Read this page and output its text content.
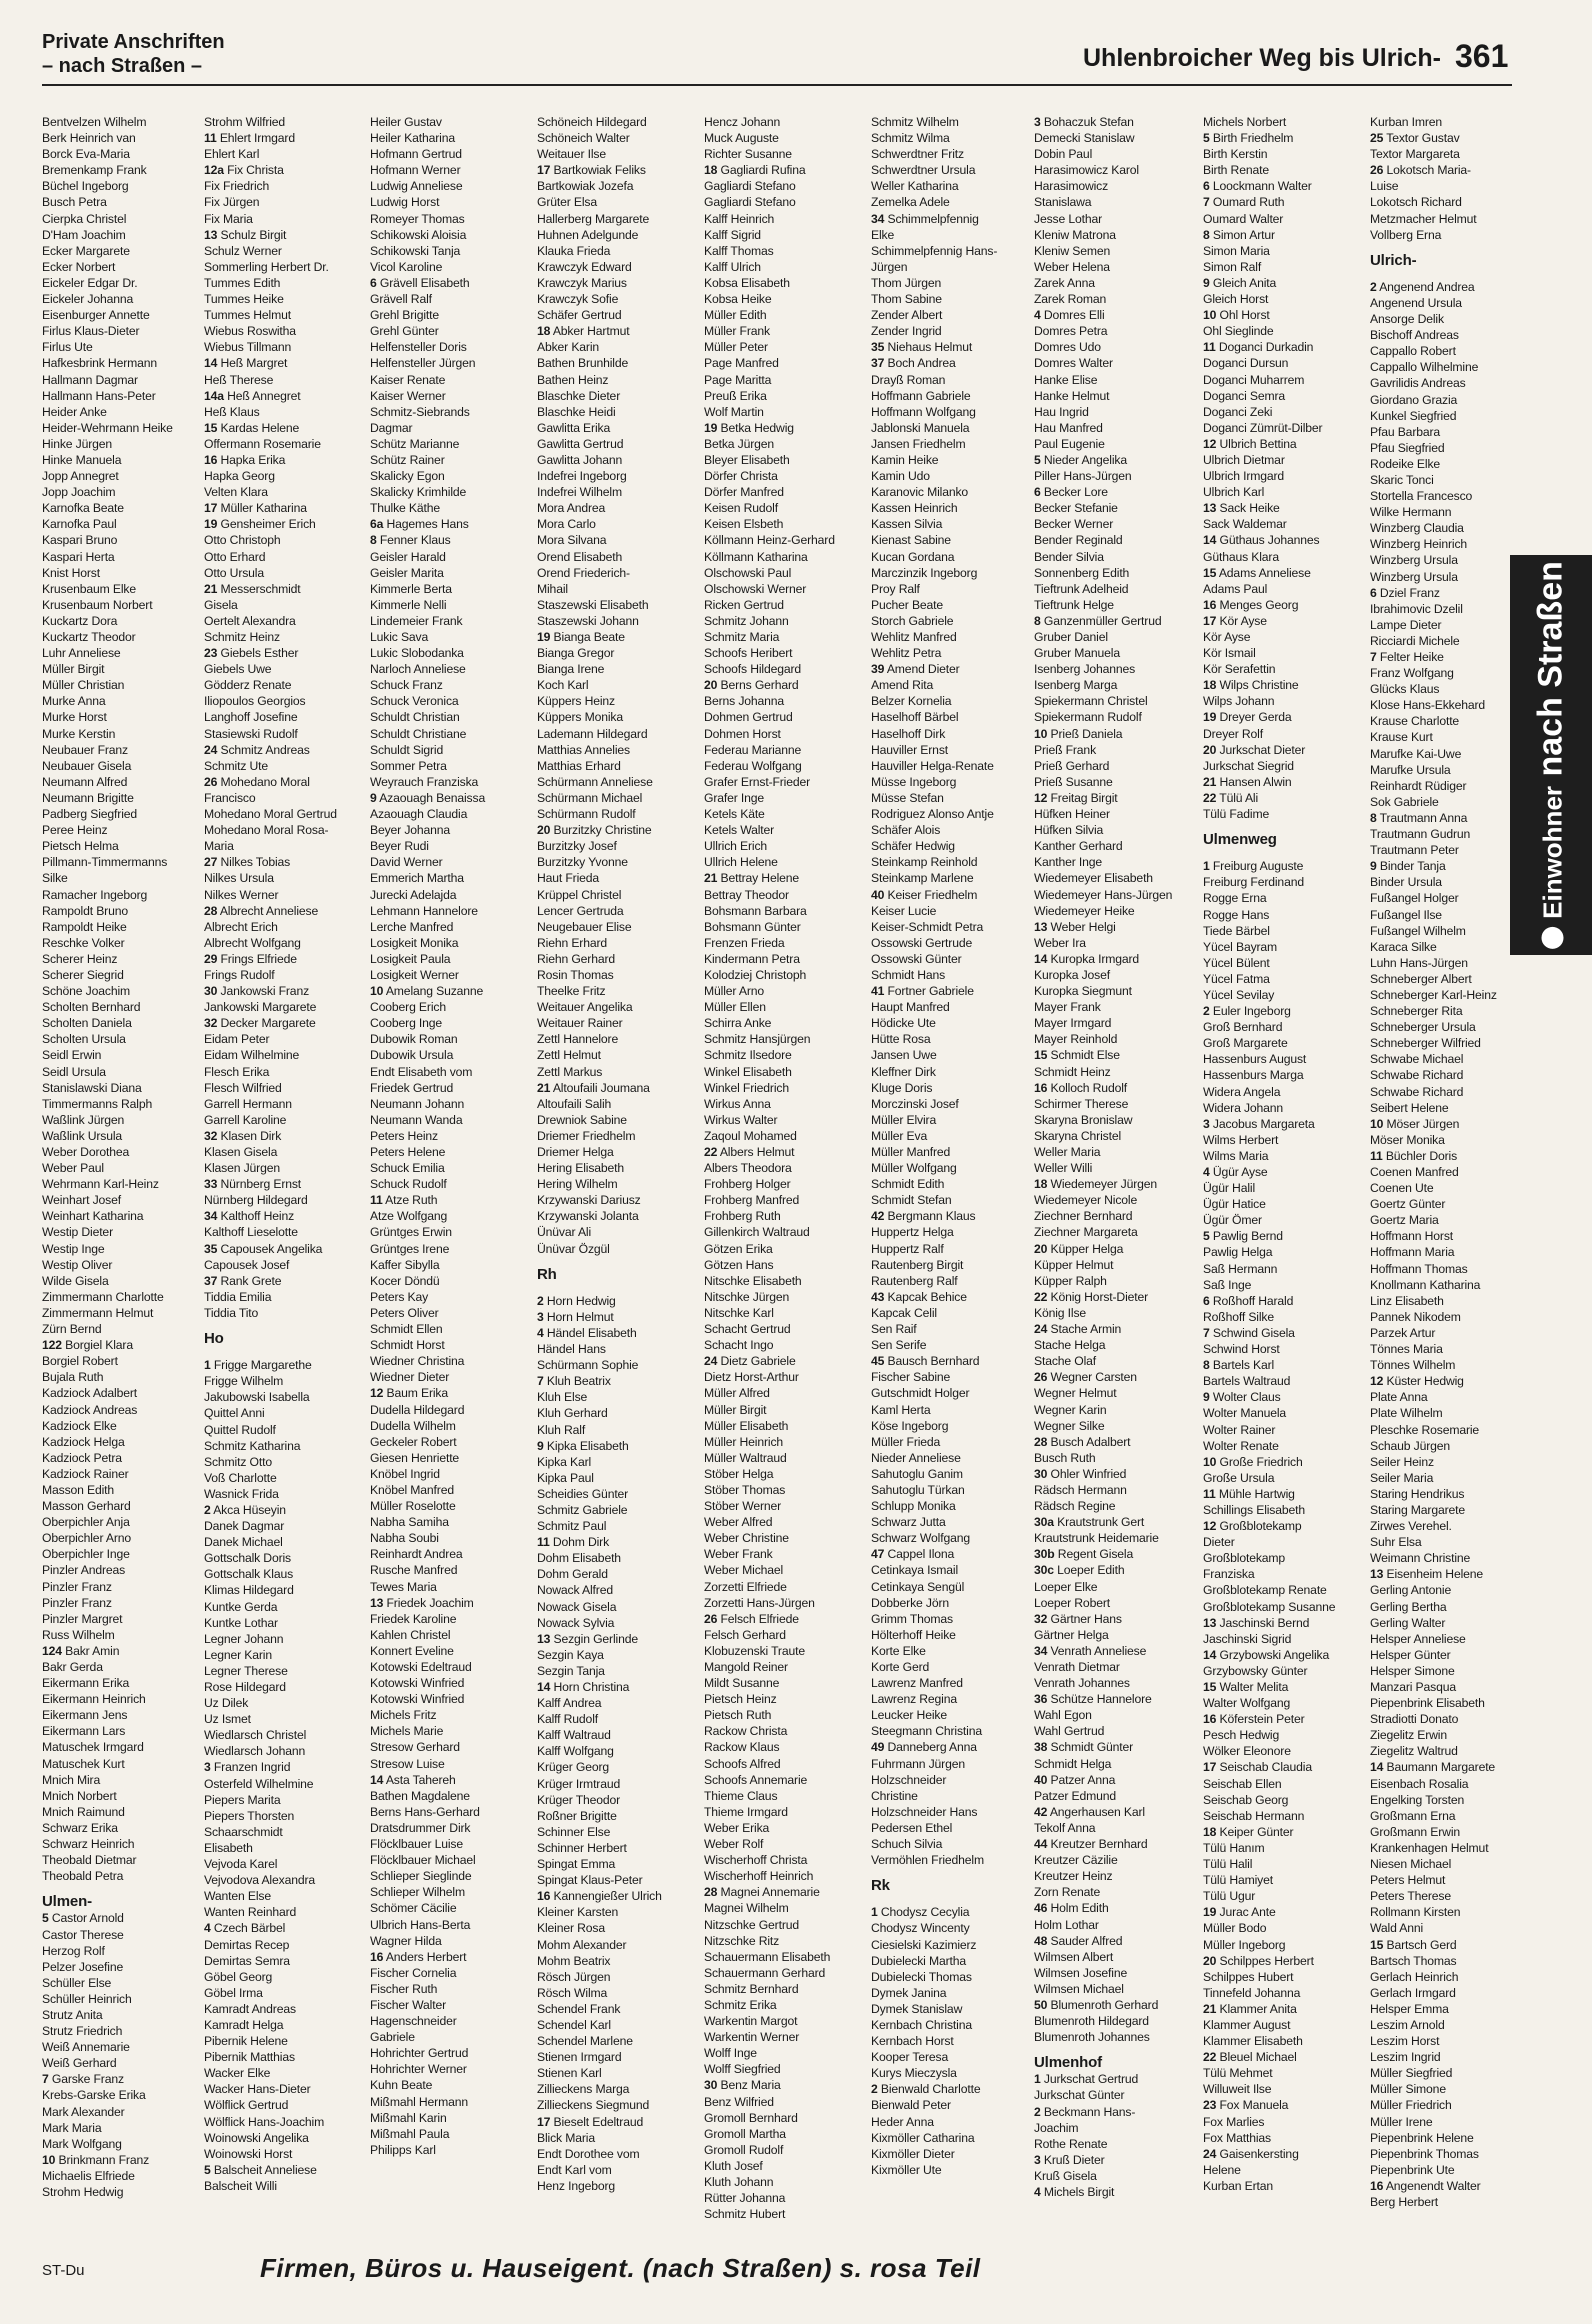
Private Anschriften
– nach Straßen –	Uhlenbroicher Weg bis Ulrich- 361
Bentvelzen Wilhelm
Berk Heinrich van
Borck Eva-Maria
Bremenkamp Frank
Büchel Ingeborg
Busch Petra
Cierpka Christel
D'Ham Joachim
Ecker Margarete
Ecker Norbert
Eickeler Edgar Dr.
Eickeler Johanna
Eisenburger Annette
Firlus Klaus-Dieter
Firlus Ute
Hafkesbrink Hermann
Hallmann Dagmar
Hallmann Hans-Peter
Heider Anke
Heider-Wehrmann Heike
Hinke Jürgen
Hinke Manuela
Jopp Annegret
Jopp Joachim
Karnofka Beate
Karnofka Paul
Kaspari Bruno
Kaspari Herta
Knist Horst
Krusenbaum Elke
Krusenbaum Norbert
Kuckartz Dora
Kuckartz Theodor
Luhr Anneliese
Müller Birgit
Müller Christian
Murke Anna
Murke Horst
Murke Kerstin
Neubauer Franz
Neubauer Gisela
Neumann Alfred
Neumann Brigitte
Padberg Siegfried
Peree Heinz
Pietsch Helma
Pillmann-Timmermanns
Silke
Ramacher Ingeborg
Rampoldt Bruno
Rampoldt Heike
Reschke Volker
Scherer Heinz
Scherer Siegrid
Schöne Joachim
Scholten Bernhard
Scholten Daniela
Scholten Ursula
Seidl Erwin
Seidl Ursula
Stanislawski Diana
Timmermanns Ralph
Waßlink Jürgen
Waßlink Ursula
Weber Dorothea
Weber Paul
Wehrmann Karl-Heinz
Weinhart Josef
Weinhart Katharina
Westip Dieter
Westip Inge
Westip Oliver
Wilde Gisela
Zimmermann Charlotte
Zimmermann Helmut
Zürn Bernd
122 Borgiel Klara
Borgiel Robert
Bujala Ruth
Kadziock Adalbert
Kadziock Andreas
Kadziock Elke
Kadziock Helga
Kadziock Petra
Kadziock Rainer
Masson Edith
Masson Gerhard
Oberpichler Anja
Oberpichler Arno
Oberpichler Inge
Pinzler Andreas
Pinzler Franz
Pinzler Franz
Pinzler Margret
Russ Wilhelm
124 Bakr Amin
Bakr Gerda
Eikermann Erika
Eikermann Heinrich
Eikermann Jens
Eikermann Lars
Matuschek Irmgard
Matuschek Kurt
Mnich Mira
Mnich Norbert
Mnich Raimund
Schwarz Erika
Schwarz Heinrich
Theobald Dietmar
Theobald Petra
Ulmen-
5 Castor Arnold
Castor Therese
Herzog Rolf
Pelzer Josefine
Schüller Else
Schüller Heinrich
Strutz Anita
Strutz Friedrich
Weiß Annemarie
Weiß Gerhard
7 Garske Franz
Krebs-Garske Erika
Mark Alexander
Mark Maria
Mark Wolfgang
10 Brinkmann Franz
Michaelis Elfriede
Strohm Hedwig
Strohm Wilfried
11 Ehlert Irmgard
Ehlert Karl
12a Fix Christa
Fix Friedrich
Fix Jürgen
Fix Maria
13 Schulz Birgit
Schulz Werner
Sommerling Herbert Dr.
Tummes Edith
Tummes Heike
Tummes Helmut
Wiebus Roswitha
Wiebus Tillmann
14 Heß Margret
Heß Therese
14a Heß Annegret
Heß Klaus
15 Kardas Helene
Offermann Rosemarie
16 Hapka Erika
Hapka Georg
Velten Klara
17 Müller Katharina
19 Gensheimer Erich
Otto Christoph
Otto Erhard
Otto Ursula
21 Messerschmidt
Gisela
Oertelt Alexandra
Schmitz Heinz
23 Giebels Esther
Giebels Uwe
Gödderz Renate
Iliopoulos Georgios
Langhoff Josefine
Stasiewski Rudolf
24 Schmitz Andreas
Schmitz Ute
26 Mohedano Moral
Francisco
Mohedano Moral Gertrud
Mohedano Moral Rosa-
Maria
27 Nilkes Tobias
Nilkes Ursula
Nilkes Werner
28 Albrecht Anneliese
Albrecht Erich
Albrecht Wolfgang
29 Frings Elfriede
Frings Rudolf
30 Jankowski Franz
Jankowski Margarete
32 Decker Margarete
Eidam Peter
Eidam Wilhelmine
Flesch Erika
Flesch Wilfried
Garrell Hermann
Garrell Karoline
32 Klasen Dirk
Klasen Gisela
Klasen Jürgen
33 Nürnberg Ernst
Nürnberg Hildegard
34 Kalthoff Heinz
Kalthoff Lieselotte
35 Capousek Angelika
Capousek Josef
37 Rank Grete
Tiddia Emilia
Tiddia Tito
Ho
1 Frigge Margarethe
Frigge Wilhelm
Jakubowski Isabella
Quittel Anni
Quittel Rudolf
Schmitz Katharina
Schmitz Otto
Voß Charlotte
Wasnick Frida
2 Akca Hüseyin
Danek Dagmar
Danek Michael
Gottschalk Doris
Gottschalk Klaus
Klimas Hildegard
Kuntke Gerda
Kuntke Lothar
Legner Johann
Legner Karin
Legner Therese
Rose Hildegard
Uz Dilek
Uz Ismet
Wiedlarsch Christel
Wiedlarsch Johann
3 Franzen Ingrid
Osterfeld Wilhelmine
Piepers Marita
Piepers Thorsten
Schaarschmidt
Elisabeth
Vejvoda Karel
Vejvodova Alexandra
Wanten Else
Wanten Reinhard
4 Czech Bärbel
Demirtas Recep
Demirtas Semra
Göbel Georg
Göbel Irma
Kamradt Andreas
Kamradt Helga
Pibernik Helene
Pibernik Matthias
Wacker Elke
Wacker Hans-Dieter
Wölflick Gertrud
Wölflick Hans-Joachim
Woinowski Angelika
Woinowski Horst
5 Balscheit Anneliese
Balscheit Willi
Heiler Gustav
Heiler Katharina
Hofmann Gertrud
Hofmann Werner
Ludwig Anneliese
Ludwig Horst
Romeyer Thomas
Schikowski Aloisia
Schikowski Tanja
Vicol Karoline
6 Grävell Elisabeth
Grävell Ralf
Grehl Brigitte
Grehl Günter
Helfensteller Doris
Helfensteller Jürgen
Kaiser Renate
Kaiser Werner
Schmitz-Siebrands
Dagmar
Schütz Marianne
Schütz Rainer
Skalicky Egon
Skalicky Krimhilde
Thulke Käthe
6a Hagemes Hans
8 Fenner Klaus
Geisler Harald
Geisler Marita
Kimmerle Berta
Kimmerle Nelli
Lindemeier Frank
Lukic Sava
Lukic Slobodanka
Narloch Anneliese
Schuck Franz
Schuck Veronica
Schuldt Christian
Schuldt Christiane
Schuldt Sigrid
Sommer Petra
Weyrauch Franziska
9 Azaouagh Benaissa
Azaouagh Claudia
Beyer Johanna
Beyer Rudi
David Werner
Emmerich Martha
Jurecki Adelajda
Lehmann Hannelore
Lerche Manfred
Losigkeit Monika
Losigkeit Paula
Losigkeit Werner
10 Amelang Suzanne
Cooberg Erich
Cooberg Inge
Dubowik Roman
Dubowik Ursula
Endt Elisabeth vom
Friedek Gertrud
Neumann Johann
Neumann Wanda
Peters Heinz
Peters Helene
Schuck Emilia
Schuck Rudolf
11 Atze Ruth
Atze Wolfgang
Grüntges Erwin
Grüntges Irene
Kaffer Sibylla
Kocer Döndü
Peters Kay
Peters Oliver
Schmidt Ellen
Schmidt Horst
Wiedner Christina
Wiedner Dieter
12 Baum Erika
Dudella Hildegard
Dudella Wilhelm
Geckeler Robert
Giesen Henriette
Knöbel Ingrid
Knöbel Manfred
Müller Roselotte
Nabha Samiha
Nabha Soubi
Reinhardt Andrea
Rusche Manfred
Tewes Maria
13 Friedek Joachim
Friedek Karoline
Kahlen Christel
Konnert Eveline
Kotowski Edeltraud
Kotowski Winfried
Kotowski Winfried
Michels Fritz
Michels Marie
Stresow Gerhard
Stresow Luise
14 Asta Tahereh
Bathen Magdalene
Berns Hans-Gerhard
Dratsdrummer Dirk
Flöcklbauer Luise
Flöcklbauer Michael
Schlieper Sieglinde
Schlieper Wilhelm
Schömer Cäcilie
Ulbrich Hans-Berta
Wagner Hilda
16 Anders Herbert
Fischer Cornelia
Fischer Ruth
Fischer Walter
Hagenschneider
Gabriele
Hohrichter Gertrud
Hohrichter Werner
Kuhn Beate
Mißmahl Hermann
Mißmahl Karin
Mißmahl Paula
Philipps Karl
Schöneich Hildegard
Schöneich Walter
Weitauer Ilse
17 Bartkowiak Feliks
Bartkowiak Jozefa
Grüter Elsa
Hallerberg Margarete
Huhnen Adelgunde
Klauka Frieda
Krawczyk Edward
Krawczyk Marius
Krawczyk Sofie
Schäfer Gertrud
18 Abker Hartmut
Abker Karin
Bathen Brunhilde
Bathen Heinz
Blaschke Dieter
Blaschke Heidi
Gawlitta Erika
Gawlitta Gertrud
Gawlitta Johann
Indefrei Ingeborg
Indefrei Wilhelm
Mora Andrea
Mora Carlo
Mora Silvana
Orend Elisabeth
Orend Friederich-
Mihail
Staszewski Elisabeth
Staszewski Johann
19 Bianga Beate
Bianga Gregor
Bianga Irene
Koch Karl
Küppers Heinz
Küppers Monika
Lademann Hildegard
Matthias Annelies
Matthias Erhard
Schürmann Anneliese
Schürmann Michael
Schürmann Rudolf
20 Burzitzky Christine
Burzitzky Josef
Burzitzky Yvonne
Haut Frieda
Krüppel Christel
Lencer Gertruda
Neugebauer Elise
Riehn Erhard
Riehn Gerhard
Rosin Thomas
Theelke Fritz
Weitauer Angelika
Weitauer Rainer
Zettl Hannelore
Zettl Helmut
Zettl Markus
21 Altoufaili Joumana
Altoufaili Salih
Drewniok Sabine
Driemer Friedhelm
Driemer Helga
Hering Elisabeth
Hering Wilhelm
Krzywanski Dariusz
Krzywanski Jolanta
Ünüvar Ali
Ünüvar Özgül
Rh
2 Horn Hedwig
3 Horn Helmut
4 Händel Elisabeth
Händel Hans
Schürmann Sophie
7 Kluh Beatrix
Kluh Else
Kluh Gerhard
Kluh Ralf
9 Kipka Elisabeth
Kipka Karl
Kipka Paul
Scheidies Günter
Schmitz Gabriele
Schmitz Paul
11 Dohm Dirk
Dohm Elisabeth
Dohm Gerald
Nowack Alfred
Nowack Gisela
Nowack Sylvia
13 Sezgin Gerlinde
Sezgin Kaya
Sezgin Tanja
14 Horn Christina
Kalff Andrea
Kalff Rudolf
Kalff Waltraud
Kalff Wolfgang
Krüger Georg
Krüger Irmtraud
Krüger Theodor
Roßner Brigitte
Schinner Else
Schinner Herbert
Spingat Emma
Spingat Klaus-Peter
16 Kannengießer Ulrich
Kleiner Karsten
Kleiner Rosa
Mohm Alexander
Mohm Beatrix
Rösch Jürgen
Rösch Wilma
Schendel Frank
Schendel Karl
Schendel Marlene
Stienen Irmgard
Stienen Karl
Zillieckens Marga
Zillieckens Siegmund
17 Bieselt Edeltraud
Blick Maria
Endt Dorothee vom
Endt Karl vom
Henz Ingeborg
Hencz Johann
Muck Auguste
Richter Susanne
18 Gagliardi Rufina
Gagliardi Stefano
Gagliardi Stefano
Kalff Heinrich
Kalff Sigrid
Kalff Thomas
Kalff Ulrich
Kobsa Elisabeth
Kobsa Heike
Müller Edith
Müller Frank
Müller Peter
Page Manfred
Page Maritta
Preuß Erika
Wolf Martin
19 Betka Hedwig
Betka Jürgen
Bleyer Elisabeth
Dörfer Christa
Dörfer Manfred
Keisen Rudolf
Keisen Elsbeth
Köllmann Heinz-Gerhard
Köllmann Katharina
Olschowski Paul
Olschowski Werner
Ricken Gertrud
Schmitz Johann
Schmitz Maria
Schoofs Heribert
Schoofs Hildegard
20 Berns Gerhard
Berns Johanna
Dohmen Gertrud
Dohmen Horst
Federau Marianne
Federau Wolfgang
Grafer Ernst-Frieder
Grafer Inge
Ketels Käte
Ketels Walter
Ullrich Erich
Ullrich Helene
21 Bettray Helene
Bettray Theodor
Bohsmann Barbara
Bohsmann Günter
Frenzen Frieda
Kindermann Petra
Kolodziej Christoph
Müller Arno
Müller Ellen
Schirra Anke
Schmitz Hansjürgen
Schmitz Ilsedore
Winkel Elisabeth
Winkel Friedrich
Wirkus Anna
Wirkus Walter
Zaqoul Mohamed
22 Albers Helmut
Albers Theodora
Frohberg Holger
Frohberg Manfred
Frohberg Ruth
Gillenkirch Waltraud
Götzen Erika
Götzen Hans
Nitschke Elisabeth
Nitschke Jürgen
Nitschke Karl
Schacht Gertrud
Schacht Ingo
24 Dietz Gabriele
Dietz Horst-Arthur
Müller Alfred
Müller Birgit
Müller Elisabeth
Müller Heinrich
Müller Waltraud
Stöber Helga
Stöber Thomas
Stöber Werner
Weber Alfred
Weber Christine
Weber Frank
Weber Michael
Zorzetti Elfriede
Zorzetti Hans-Jürgen
26 Felsch Elfriede
Felsch Gerhard
Klobuzenski Traute
Mangold Reiner
Mildt Susanne
Pietsch Heinz
Pietsch Ruth
Rackow Christa
Rackow Klaus
Schoofs Alfred
Schoofs Annemarie
Thieme Claus
Thieme Irmgard
Weber Erika
Weber Rolf
Wischerhoff Christa
Wischerhoff Heinrich
28 Magnei Annemarie
Magnei Wilhelm
Nitzschke Gertrud
Nitzschke Ritz
Schauermann Elisabeth
Schauermann Gerhard
Schmitz Bernhard
Schmitz Erika
Warkentin Margot
Warkentin Werner
Wolff Inge
Wolff Siegfried
30 Benz Maria
Benz Wilfried
Gromoll Bernhard
Gromoll Martha
Gromoll Rudolf
Kluth Josef
Kluth Johann
Rütter Johanna
Schmitz Hubert
Schmitz Wilhelm
Schmitz Wilma
Schwerdtner Fritz
Schwerdtner Ursula
Weller Katharina
Zemelka Adele
34 Schimmelpfennig
Elke
Schimmelpfennig Hans-
Jürgen
Thom Jürgen
Thom Sabine
Zender Albert
Zender Ingrid
35 Niehaus Helmut
37 Boch Andrea
Drayß Roman
Hoffmann Gabriele
Hoffmann Wolfgang
Jablonski Manuela
Jansen Friedhelm
Kamin Heike
Kamin Udo
Karanovic Milanko
Kassen Heinrich
Kassen Silvia
Kienast Sabine
Kucan Gordana
Marczinzik Ingeborg
Proy Ralf
Pucher Beate
Storch Gabriele
Wehlitz Manfred
Wehlitz Petra
39 Amend Dieter
Amend Rita
Belzer Kornelia
Haselhoff Bärbel
Haselhoff Dirk
Hauviller Ernst
Hauviller Helga-Renate
Müsse Ingeborg
Müsse Stefan
Rodriguez Alonso Antje
Schäfer Alois
Schäfer Hedwig
Steinkamp Reinhold
Steinkamp Marlene
40 Keiser Friedhelm
Keiser Lucie
Keiser-Schmidt Petra
Ossowski Gertrude
Ossowski Günter
Schmidt Hans
41 Fortner Gabriele
Haupt Manfred
Hödicke Ute
Hütte Rosa
Jansen Uwe
Kleffner Dirk
Kluge Doris
Morczinski Josef
Müller Elvira
Müller Eva
Müller Manfred
Müller Wolfgang
Schmidt Edith
Schmidt Stefan
42 Bergmann Klaus
Huppertz Helga
Huppertz Ralf
Rautenberg Birgit
Rautenberg Ralf
43 Kapcak Behice
Kapcak Celil
Sen Raif
Sen Serife
45 Bausch Bernhard
Fischer Sabine
Gutschmidt Holger
Kaml Herta
Köse Ingeborg
Müller Frieda
Nieder Anneliese
Sahutoglu Ganim
Sahutoglu Türkan
Schlupp Monika
Schwarz Jutta
Schwarz Wolfgang
47 Cappel Ilona
Cetinkaya Ismail
Cetinkaya Sengül
Dobberke Jörn
Grimm Thomas
Hölterhoff Heike
Korte Elke
Korte Gerd
Lawrenz Manfred
Lawrenz Regina
Leucker Heike
Steegmann Christina
49 Danneberg Anna
Fuhrmann Jürgen
Holzschneider
Christine
Holzschneider Hans
Pedersen Ethel
Schuch Silvia
Vermöhlen Friedhelm
Rk
1 Chodysz Cecylia
Chodysz Wincenty
Ciesielski Kazimierz
Dubielecki Martha
Dubielecki Thomas
Dymek Janina
Dymek Stanislaw
Kernbach Christina
Kernbach Horst
Kooper Teresa
Kurys Mieczysla
2 Bienwald Charlotte
Bienwald Peter
Heder Anna
Kixmöller Catharina
Kixmöller Dieter
Kixmöller Ute
3 Bohaczuk Stefan
Demecki Stanislaw
Dobin Paul
Harasimowicz Karol
Harasimowicz
Stanislawa
Jesse Lothar
Kleniw Matrona
Kleniw Semen
Weber Helena
Zarek Anna
Zarek Roman
4 Domres Elli
Domres Petra
Domres Udo
Domres Walter
Hanke Elise
Hanke Helmut
Hau Ingrid
Hau Manfred
Paul Eugenie
5 Nieder Angelika
Piller Hans-Jürgen
6 Becker Lore
Becker Stefanie
Becker Werner
Bender Reginald
Bender Silvia
Sonnenberg Edith
Tieftrunk Adelheid
Tieftrunk Helge
8 Ganzenmüller Gertrud
Gruber Daniel
Gruber Manuela
Isenberg Johannes
Isenberg Marga
Spiekermann Christel
Spiekermann Rudolf
10 Prieß Daniela
Prieß Frank
Prieß Gerhard
Prieß Susanne
12 Freitag Birgit
Hüfken Heiner
Hüfken Silvia
Kanther Gerhard
Kanther Inge
Wiedemeyer Elisabeth
Wiedemeyer Hans-Jürgen
Wiedemeyer Heike
13 Weber Helgi
Weber Ira
14 Kuropka Irmgard
Kuropka Josef
Kuropka Siegmunt
Mayer Frank
Mayer Irmgard
Mayer Reinhold
15 Schmidt Else
Schmidt Heinz
16 Kolloch Rudolf
Schirmer Therese
Skaryna Bronislaw
Skaryna Christel
Weller Maria
Weller Willi
18 Wiedemeyer Jürgen
Wiedemeyer Nicole
Ziechner Bernhard
Ziechner Margareta
20 Küpper Helga
Küpper Helmut
Küpper Ralph
22 König Horst-Dieter
König Ilse
24 Stache Armin
Stache Helga
Stache Olaf
26 Wegner Carsten
Wegner Helmut
Wegner Karin
Wegner Silke
28 Busch Adalbert
Busch Ruth
30 Ohler Winfried
Rädsch Hermann
Rädsch Regine
30a Krautstrunk Gert
Krautstrunk Heidemarie
30b Regent Gisela
30c Loeper Edith
Loeper Elke
Loeper Robert
32 Gärtner Hans
Gärtner Helga
34 Venrath Anneliese
Venrath Dietmar
Venrath Johannes
36 Schütze Hannelore
Wahl Egon
Wahl Gertrud
38 Schmidt Günter
Schmidt Helga
40 Patzer Anna
Patzer Edmund
42 Angerhausen Karl
Tekolf Anna
44 Kreutzer Bernhard
Kreutzer Cäzilie
Kreutzer Heinz
Zorn Renate
46 Holm Edith
Holm Lothar
48 Sauder Alfred
Wilmsen Albert
Wilmsen Josefine
Wilmsen Michael
50 Blumenroth Gerhard
Blumenroth Hildegard
Blumenroth Johannes
Ulmenhof
1 Jurkschat Gertrud
Jurkschat Günter
2 Beckmann Hans-
Joachim
Rothe Renate
3 Kruß Dieter
Kruß Gisela
4 Michels Birgit
Michels Norbert
5 Birth Friedhelm
Birth Kerstin
Birth Renate
6 Loockmann Walter
7 Oumard Ruth
Oumard Walter
8 Simon Artur
Simon Maria
Simon Ralf
9 Gleich Anita
Gleich Horst
10 Ohl Horst
Ohl Sieglinde
11 Doganci Durkadin
Doganci Dursun
Doganci Muharrem
Doganci Semra
Doganci Zeki
Doganci Zümrüt-Dilber
12 Ulbrich Bettina
Ulbrich Dietmar
Ulbrich Irmgard
Ulbrich Karl
13 Sack Heike
Sack Waldemar
14 Güthaus Johannes
Güthaus Klara
15 Adams Anneliese
Adams Paul
16 Menges Georg
17 Kör Ayse
Kör Ayse
Kör Ismail
Kör Serafettin
18 Wilps Christine
Wilps Johann
19 Dreyer Gerda
Dreyer Rolf
20 Jurkschat Dieter
Jurkschat Siegrid
21 Hansen Alwin
22 Tülü Ali
Tülü Fadime
Ulmenweg
1 Freiburg Auguste
Freiburg Ferdinand
Rogge Erna
Rogge Hans
Tiede Bärbel
Yücel Bayram
Yücel Bülent
Yücel Fatma
Yücel Sevilay
2 Euler Ingeborg
Groß Bernhard
Groß Margarete
Hassenburs August
Hassenburs Marga
Widera Angela
Widera Johann
3 Jacobus Margareta
Wilms Herbert
Wilms Maria
4 Ügür Ayse
Ügür Halil
Ügür Hatice
Ügür Ömer
5 Pawlig Bernd
Pawlig Helga
Saß Hermann
Saß Inge
6 Roßhoff Harald
Roßhoff Silke
7 Schwind Gisela
Schwind Horst
8 Bartels Karl
Bartels Waltraud
9 Wolter Claus
Wolter Manuela
Wolter Rainer
Wolter Renate
10 Große Friedrich
Große Ursula
11 Mühle Hartwig
Schillings Elisabeth
12 Großblotekamp
Dieter
Großblotekamp
Franziska
Großblotekamp Renate
Großblotekamp Susanne
13 Jaschinski Bernd
Jaschinski Sigrid
14 Grzybowski Angelika
Grzybowsky Günter
15 Walter Melita
Walter Wolfgang
16 Köferstein Peter
Pesch Hedwig
Wölker Eleonore
17 Seischab Claudia
Seischab Ellen
Seischab Georg
Seischab Hermann
18 Keiper Günter
Tülü Hanım
Tülü Halil
Tülü Hamiyet
Tülü Ugur
19 Jurac Ante
Müller Bodo
Müller Ingeborg
20 Schilppes Herbert
Schilppes Hubert
Tinnefeld Johanna
21 Klammer Anita
Klammer August
Klammer Elisabeth
22 Bleuel Michael
Tülü Mehmet
Willuweit Ilse
23 Fox Manuela
Fox Marlies
Fox Matthias
24 Gaisenkersting
Helene
Kurban Ertan
Kurban Imren
25 Textor Gustav
Textor Margareta
26 Lokotsch Maria-
Luise
Lokotsch Richard
Metzmacher Helmut
Vollberg Erna
Ulrich-
2 Angenend Andrea
Angenend Ursula
Ansorge Delik
Bischoff Andreas
Cappallo Robert
Cappallo Wilhelmine
Gavrilidis Andreas
Giordano Grazia
Kunkel Siegfried
Pfau Barbara
Pfau Siegfried
Rodeike Elke
Skaric Tonci
Stortella Francesco
Wilke Hermann
Winzberg Claudia
Winzberg Heinrich
Winzberg Ursula
Winzberg Ursula
6 Dziel Franz
Ibrahimovic Dzelil
Lampe Dieter
Ricciardi Michele
7 Felter Heike
Franz Wolfgang
Glücks Klaus
Klose Hans-Ekkehard
Krause Charlotte
Krause Kurt
Marufke Kai-Uwe
Marufke Ursula
Reinhardt Rüdiger
Sok Gabriele
8 Trautmann Anna
Trautmann Gudrun
Trautmann Peter
9 Binder Tanja
Binder Ursula
Fußangel Holger
Fußangel Ilse
Fußangel Wilhelm
Karaca Silke
Luhn Hans-Jürgen
Schneberger Albert
Schneberger Karl-Heinz
Schneberger Rita
Schneberger Ursula
Schneberger Wilfried
Schwabe Michael
Schwabe Richard
Schwabe Richard
Seibert Helene
10 Möser Jürgen
Möser Monika
11 Büchler Doris
Coenen Manfred
Coenen Ute
Goertz Günter
Goertz Maria
Hoffmann Horst
Hoffmann Maria
Hoffmann Thomas
Knollmann Katharina
Linz Elisabeth
Pannek Nikodem
Parzek Artur
Tönnes Maria
Tönnes Wilhelm
12 Küster Hedwig
Plate Anna
Plate Wilhelm
Pleschke Rosemarie
Schaub Jürgen
Seiler Heinz
Seiler Maria
Staring Hendrikus
Staring Margarete
Zirwes Verehel.
Suhr Elsa
Weimann Christine
13 Eisenheim Helene
Gerling Antonie
Gerling Bertha
Gerling Walter
Helsper Anneliese
Helsper Günter
Helsper Simone
Manzari Pasqua
Piepenbrink Elisabeth
Stradiotti Donato
Ziegelitz Erwin
Ziegelitz Waltrud
14 Baumann Margarete
Eisenbach Rosalia
Engelking Torsten
Großmann Erna
Großmann Erwin
Krankenhagen Helmut
Niesen Michael
Peters Helmut
Peters Therese
Rollmann Kirsten
Wald Anni
15 Bartsch Gerd
Bartsch Thomas
Gerlach Heinrich
Gerlach Irmgard
Helsper Emma
Leszim Arnold
Leszim Horst
Leszim Ingrid
Müller Siegfried
Müller Simone
Müller Friedrich
Müller Irene
Piepenbrink Helene
Piepenbrink Thomas
Piepenbrink Ute
16 Angenendt Walter
Berg Herbert
Einwohner nach Straßen
ST-Du	Firmen, Büros u. Hauseigent. (nach Straßen) s. rosa Teil
